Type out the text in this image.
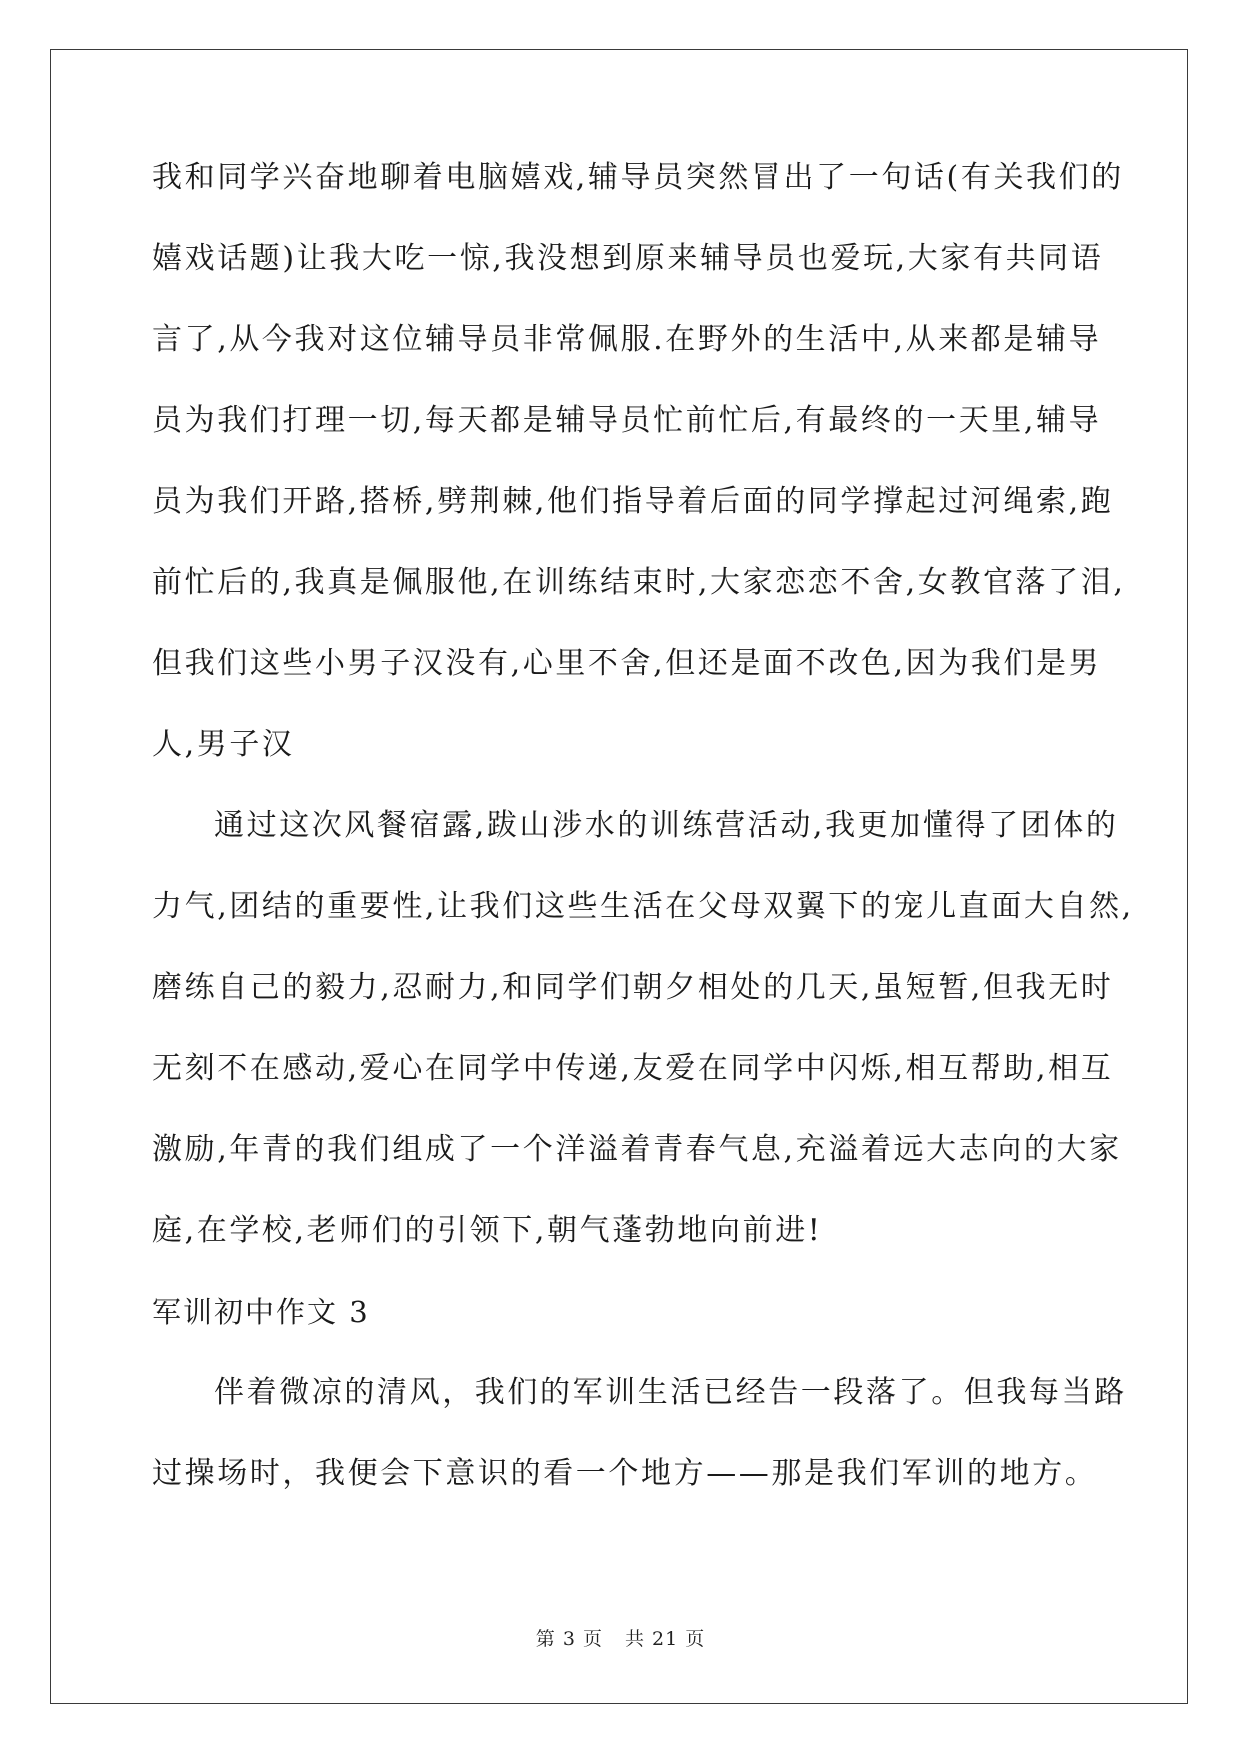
我和同学兴奋地聊着电脑嬉戏,辅导员突然冒出了一句话(有关我们的
嬉戏话题)让我大吃一惊,我没想到原来辅导员也爱玩,大家有共同语
言了,从今我对这位辅导员非常佩服.在野外的生活中,从来都是辅导
员为我们打理一切,每天都是辅导员忙前忙后,有最终的一天里,辅导
员为我们开路,搭桥,劈荆棘,他们指导着后面的同学撑起过河绳索,跑
前忙后的,我真是佩服他,在训练结束时,大家恋恋不舍,女教官落了泪,
但我们这些小男子汉没有,心里不舍,但还是面不改色,因为我们是男
人,男子汉
通过这次风餐宿露,跋山涉水的训练营活动,我更加懂得了团体的
力气,团结的重要性,让我们这些生活在父母双翼下的宠儿直面大自然,
磨练自己的毅力,忍耐力,和同学们朝夕相处的几天,虽短暂,但我无时
无刻不在感动,爱心在同学中传递,友爱在同学中闪烁,相互帮助,相互
激励,年青的我们组成了一个洋溢着青春气息,充溢着远大志向的大家
庭,在学校,老师们的引领下,朝气蓬勃地向前进!
军训初中作文 3
伴着微凉的清风，我们的军训生活已经告一段落了。但我每当路
过操场时，我便会下意识的看一个地方——那是我们军训的地方。
第 3 页 共 21 页
